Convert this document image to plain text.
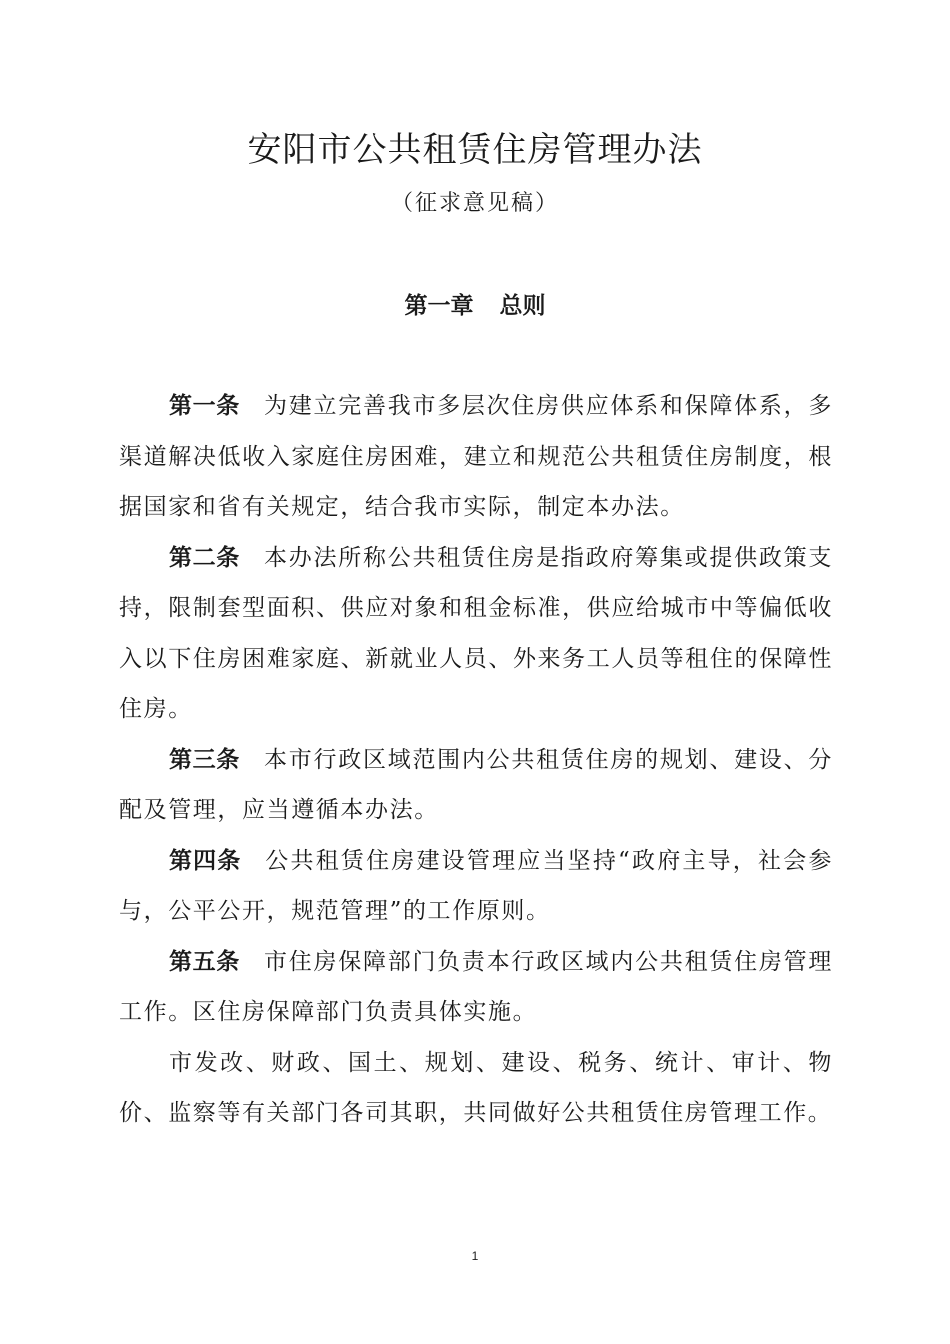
安阳市公共租赁住房管理办法
（征求意见稿）
第一章 总则

第一条 为建立完善我市多层次住房供应体系和保障体系，多渠道解决低收入家庭住房困难，建立和规范公共租赁住房制度，根据国家和省有关规定，结合我市实际，制定本办法。

第二条 本办法所称公共租赁住房是指政府筹集或提供政策支持，限制套型面积、供应对象和租金标准，供应给城市中等偏低收入以下住房困难家庭、新就业人员、外来务工人员等租住的保障性住房。

第三条 本市行政区域范围内公共租赁住房的规划、建设、分配及管理，应当遵循本办法。

第四条 公共租赁住房建设管理应当坚持“政府主导，社会参与，公平公开，规范管理”的工作原则。

第五条 市住房保障部门负责本行政区域内公共租赁住房管理工作。区住房保障部门负责具体实施。

市发改、财政、国土、规划、建设、税务、统计、审计、物价、监察等有关部门各司其职，共同做好公共租赁住房管理工作。

1
